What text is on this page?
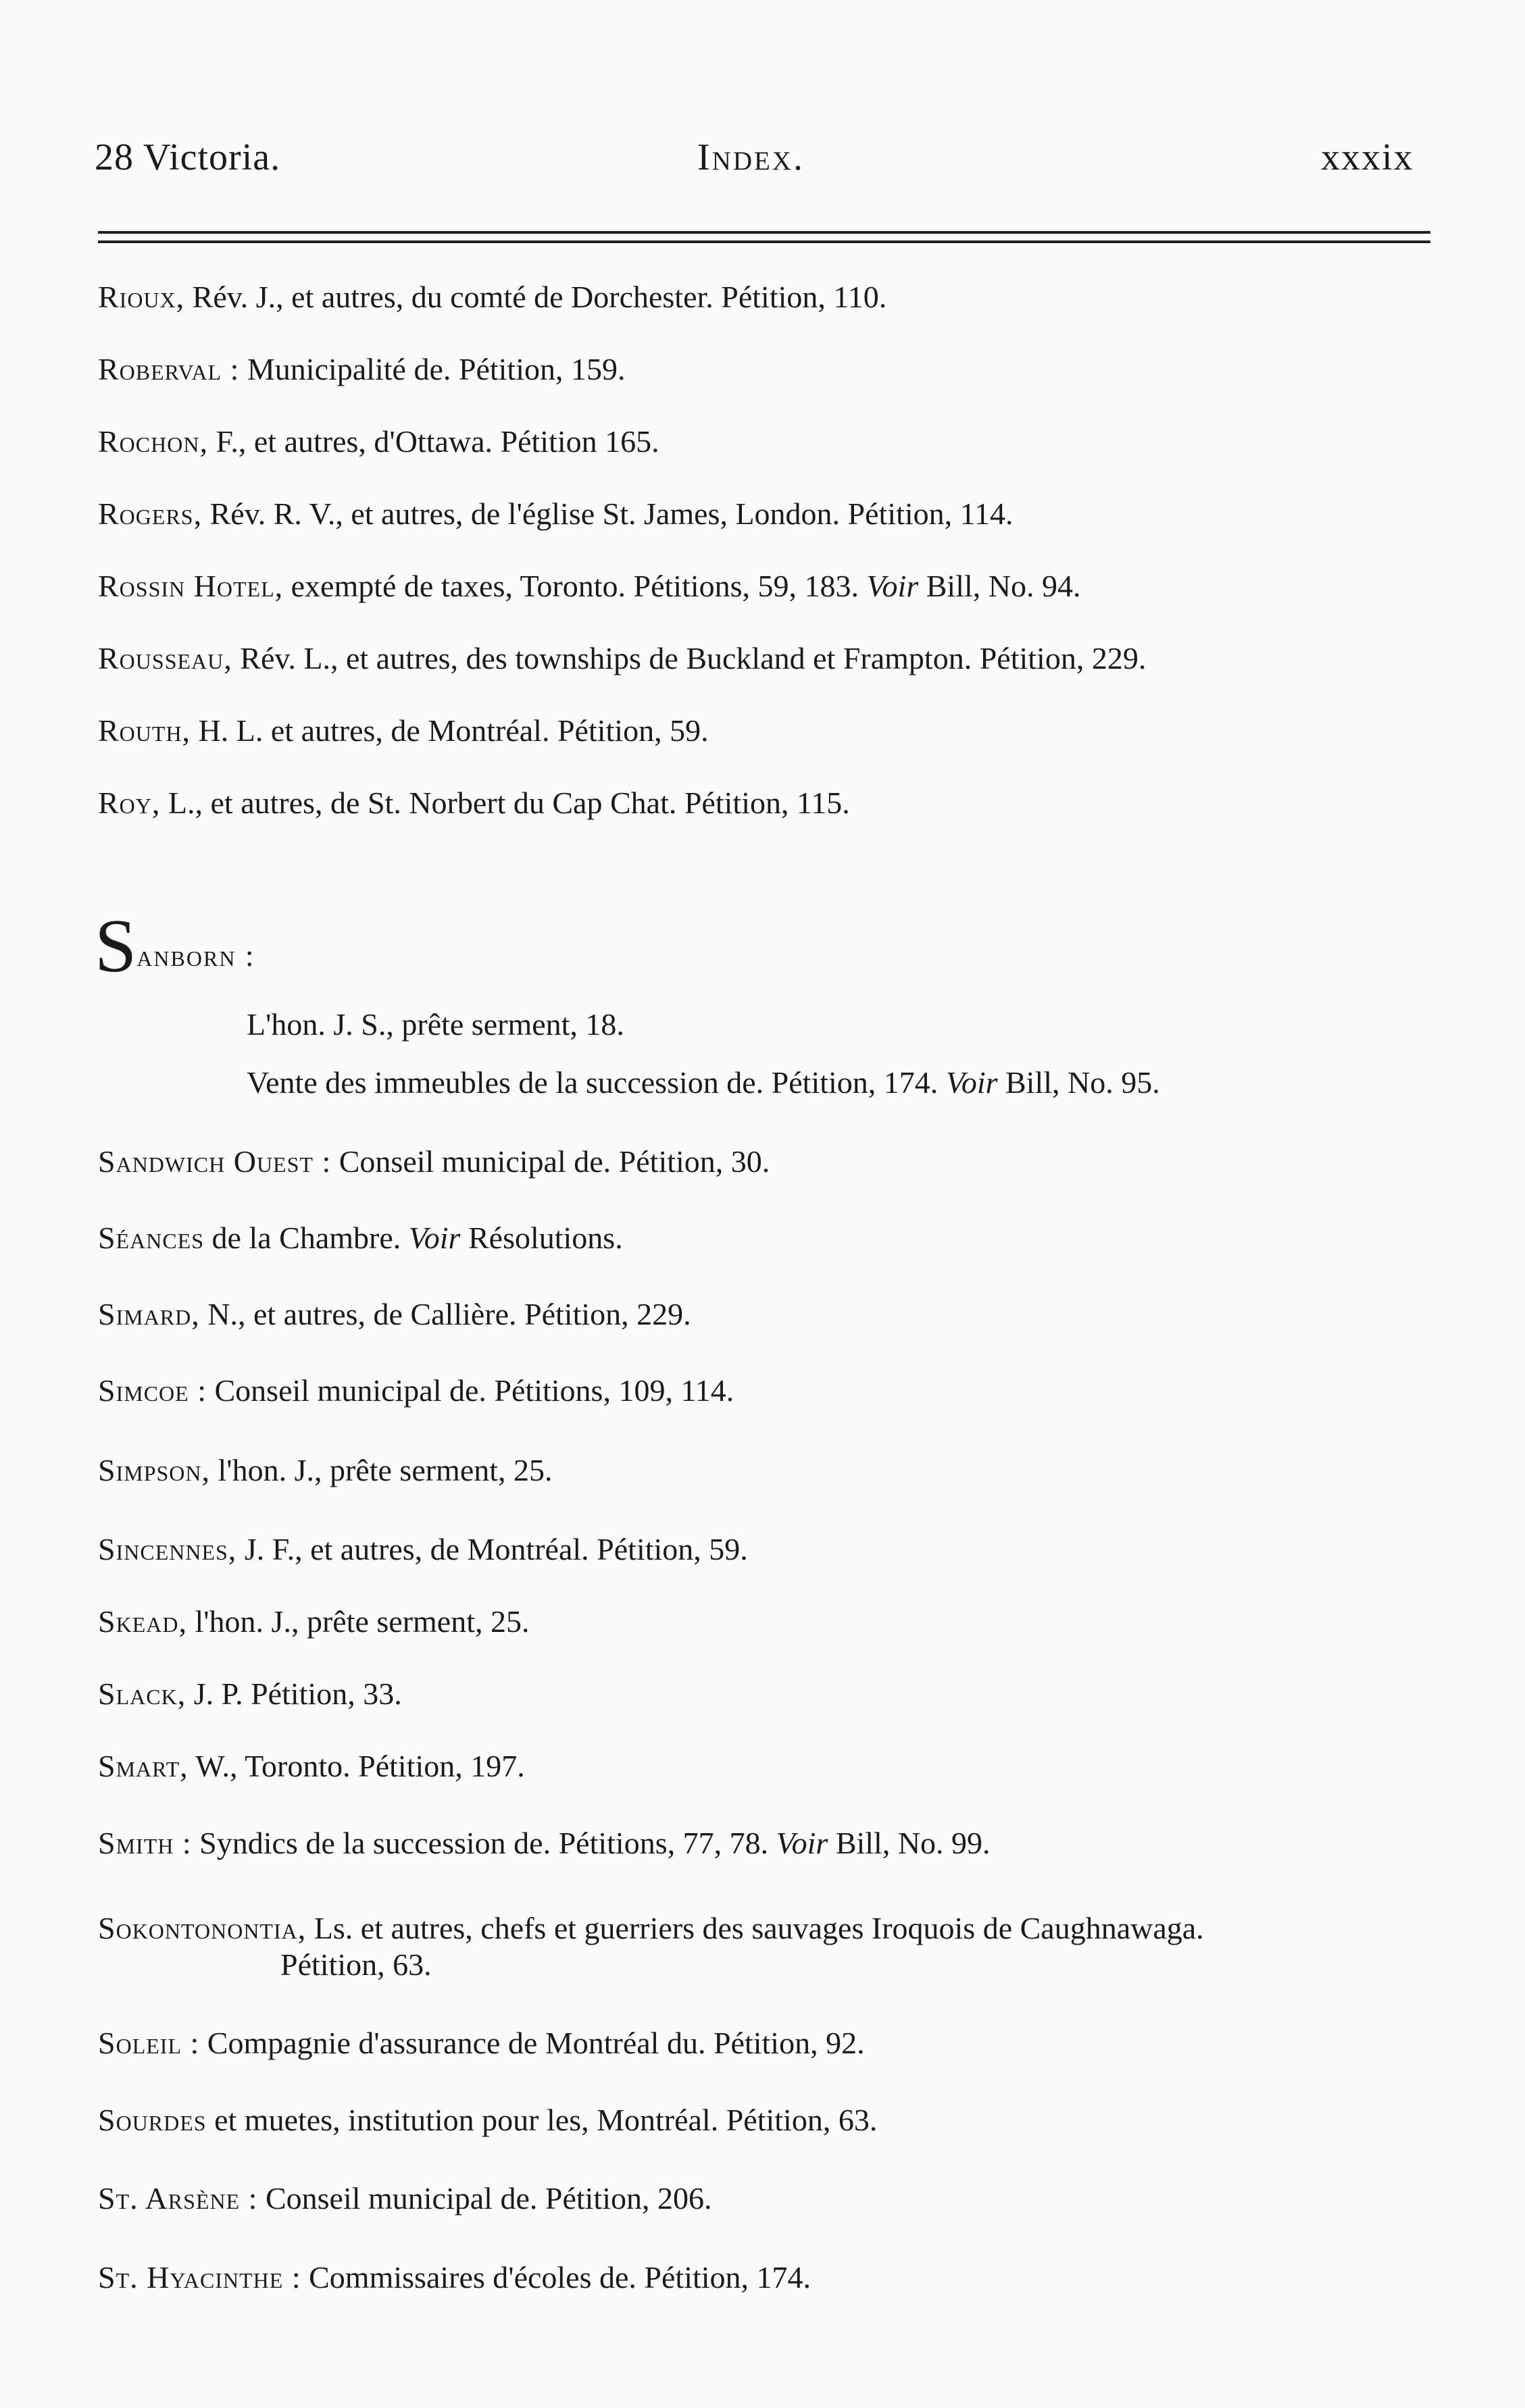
28 Victoria.	Index.	xxxix
Rioux, Rév. J., et autres, du comté de Dorchester. Pétition, 110.
Roberval : Municipalité de. Pétition, 159.
Rochon, F., et autres, d'Ottawa. Pétition 165.
Rogers, Rév. R. V., et autres, de l'église St. James, London. Pétition, 114.
Rossin Hotel, exempté de taxes, Toronto. Pétitions, 59, 183. Voir Bill, No. 94.
Rousseau, Rév. L., et autres, des townships de Buckland et Frampton. Pétition, 229.
Routh, H. L. et autres, de Montréal. Pétition, 59.
Roy, L., et autres, de St. Norbert du Cap Chat. Pétition, 115.
Sanborn :
L'hon. J. S., prête serment, 18.
Vente des immeubles de la succession de. Pétition, 174. Voir Bill, No. 95.
Sandwich Ouest : Conseil municipal de. Pétition, 30.
Séances de la Chambre. Voir Résolutions.
Simard, N., et autres, de Callière. Pétition, 229.
Simcoe : Conseil municipal de. Pétitions, 109, 114.
Simpson, l'hon. J., prête serment, 25.
Sincennes, J. F., et autres, de Montréal. Pétition, 59.
Skead, l'hon. J., prête serment, 25.
Slack, J. P. Pétition, 33.
Smart, W., Toronto. Pétition, 197.
Smith : Syndics de la succession de. Pétitions, 77, 78. Voir Bill, No. 99.
Sokontonontia, Ls. et autres, chefs et guerriers des sauvages Iroquois de Caughnawaga.
Pétition, 63.
Soleil : Compagnie d'assurance de Montréal du. Pétition, 92.
Sourdes et muetes, institution pour les, Montréal. Pétition, 63.
St. Arsène : Conseil municipal de. Pétition, 206.
St. Hyacinthe : Commissaires d'écoles de. Pétition, 174.
